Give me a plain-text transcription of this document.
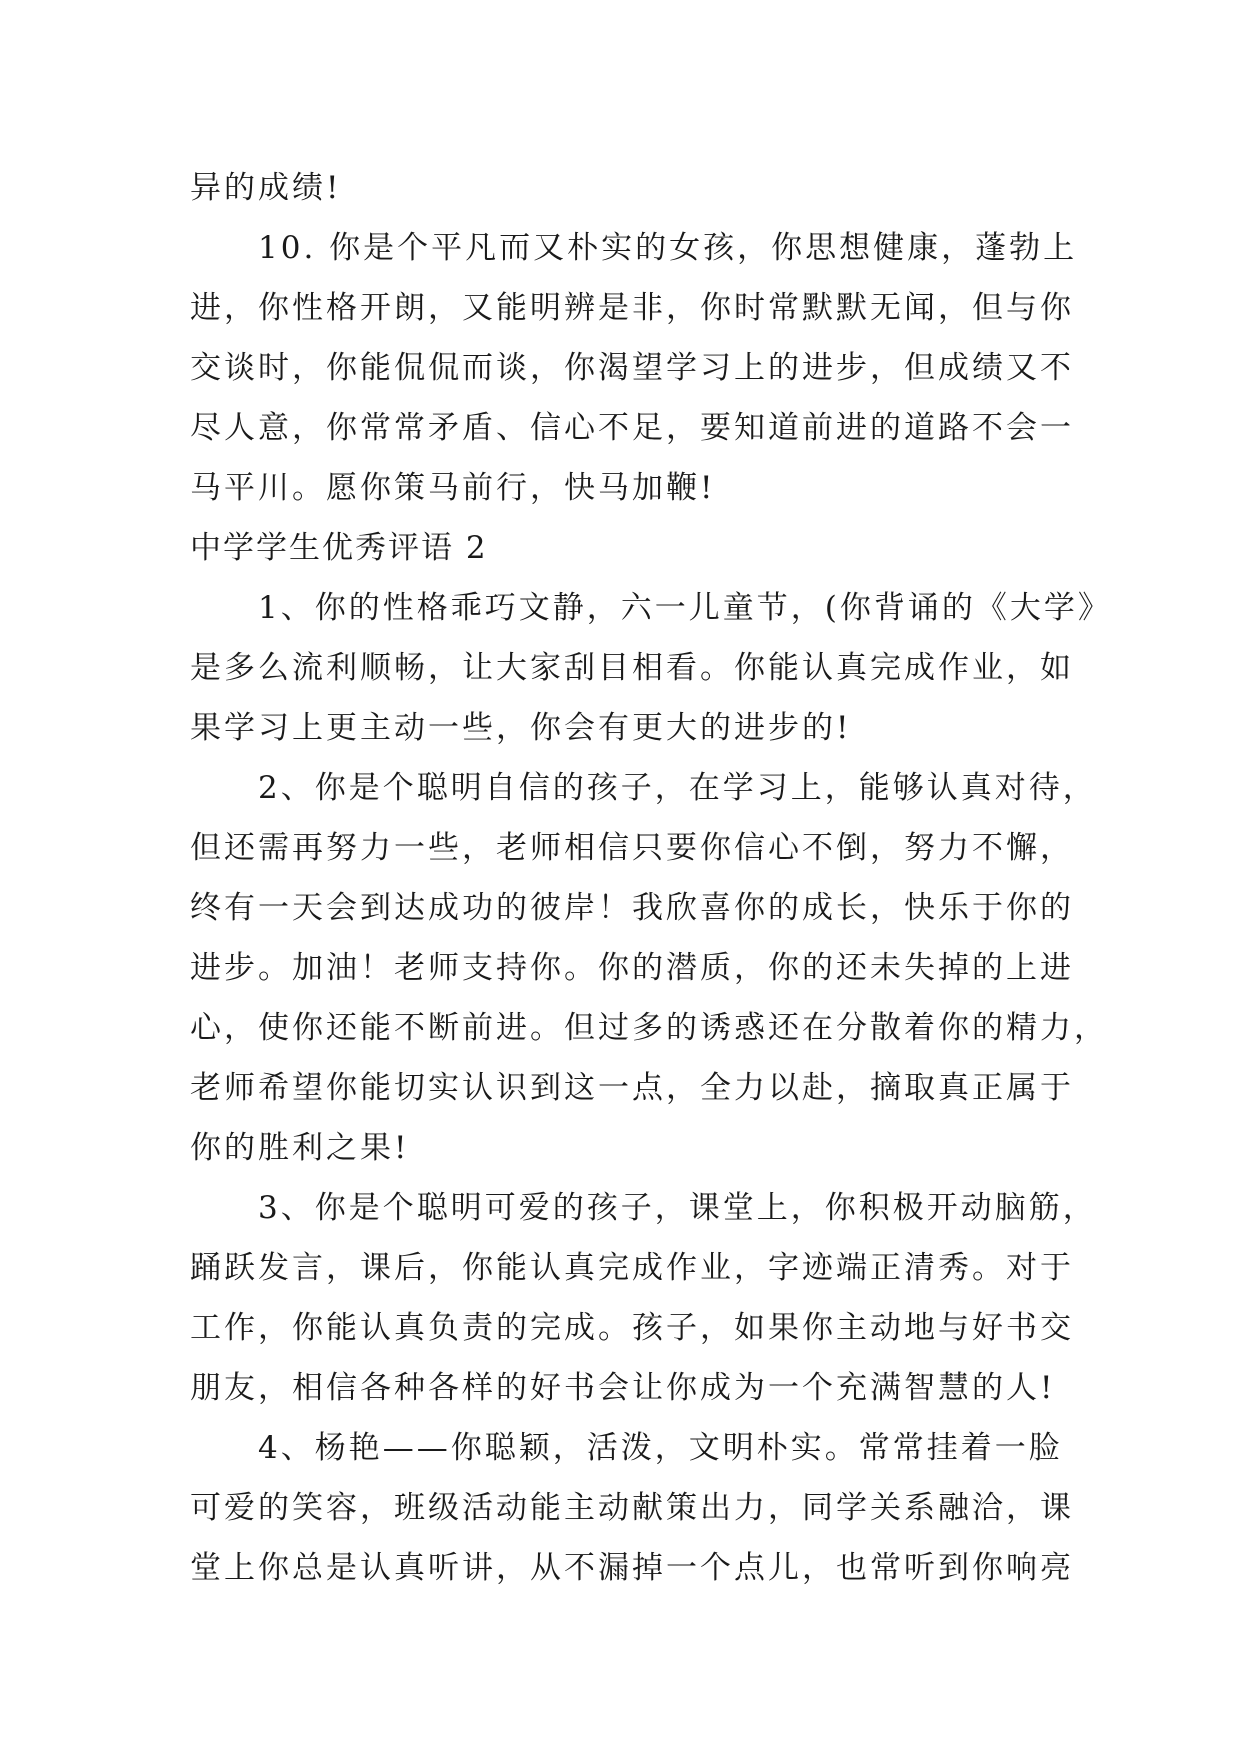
异的成绩!
10. 你是个平凡而又朴实的女孩，你思想健康，蓬勃上
进，你性格开朗，又能明辨是非，你时常默默无闻，但与你
交谈时，你能侃侃而谈，你渴望学习上的进步，但成绩又不
尽人意，你常常矛盾、信心不足，要知道前进的道路不会一
马平川。愿你策马前行，快马加鞭!
中学学生优秀评语 2
1、你的性格乖巧文静，六一儿童节，(你背诵的《大学》
是多么流利顺畅，让大家刮目相看。你能认真完成作业，如
果学习上更主动一些，你会有更大的进步的!
2、你是个聪明自信的孩子，在学习上，能够认真对待，
但还需再努力一些，老师相信只要你信心不倒，努力不懈，
终有一天会到达成功的彼岸！我欣喜你的成长，快乐于你的
进步。加油！老师支持你。你的潜质，你的还未失掉的上进
心，使你还能不断前进。但过多的诱惑还在分散着你的精力，
老师希望你能切实认识到这一点，全力以赴，摘取真正属于
你的胜利之果!
3、你是个聪明可爱的孩子，课堂上，你积极开动脑筋，
踊跃发言，课后，你能认真完成作业，字迹端正清秀。对于
工作，你能认真负责的完成。孩子，如果你主动地与好书交
朋友，相信各种各样的好书会让你成为一个充满智慧的人!
4、杨艳——你聪颖，活泼，文明朴实。常常挂着一脸
可爱的笑容，班级活动能主动献策出力，同学关系融洽，课
堂上你总是认真听讲，从不漏掉一个点儿，也常听到你响亮
